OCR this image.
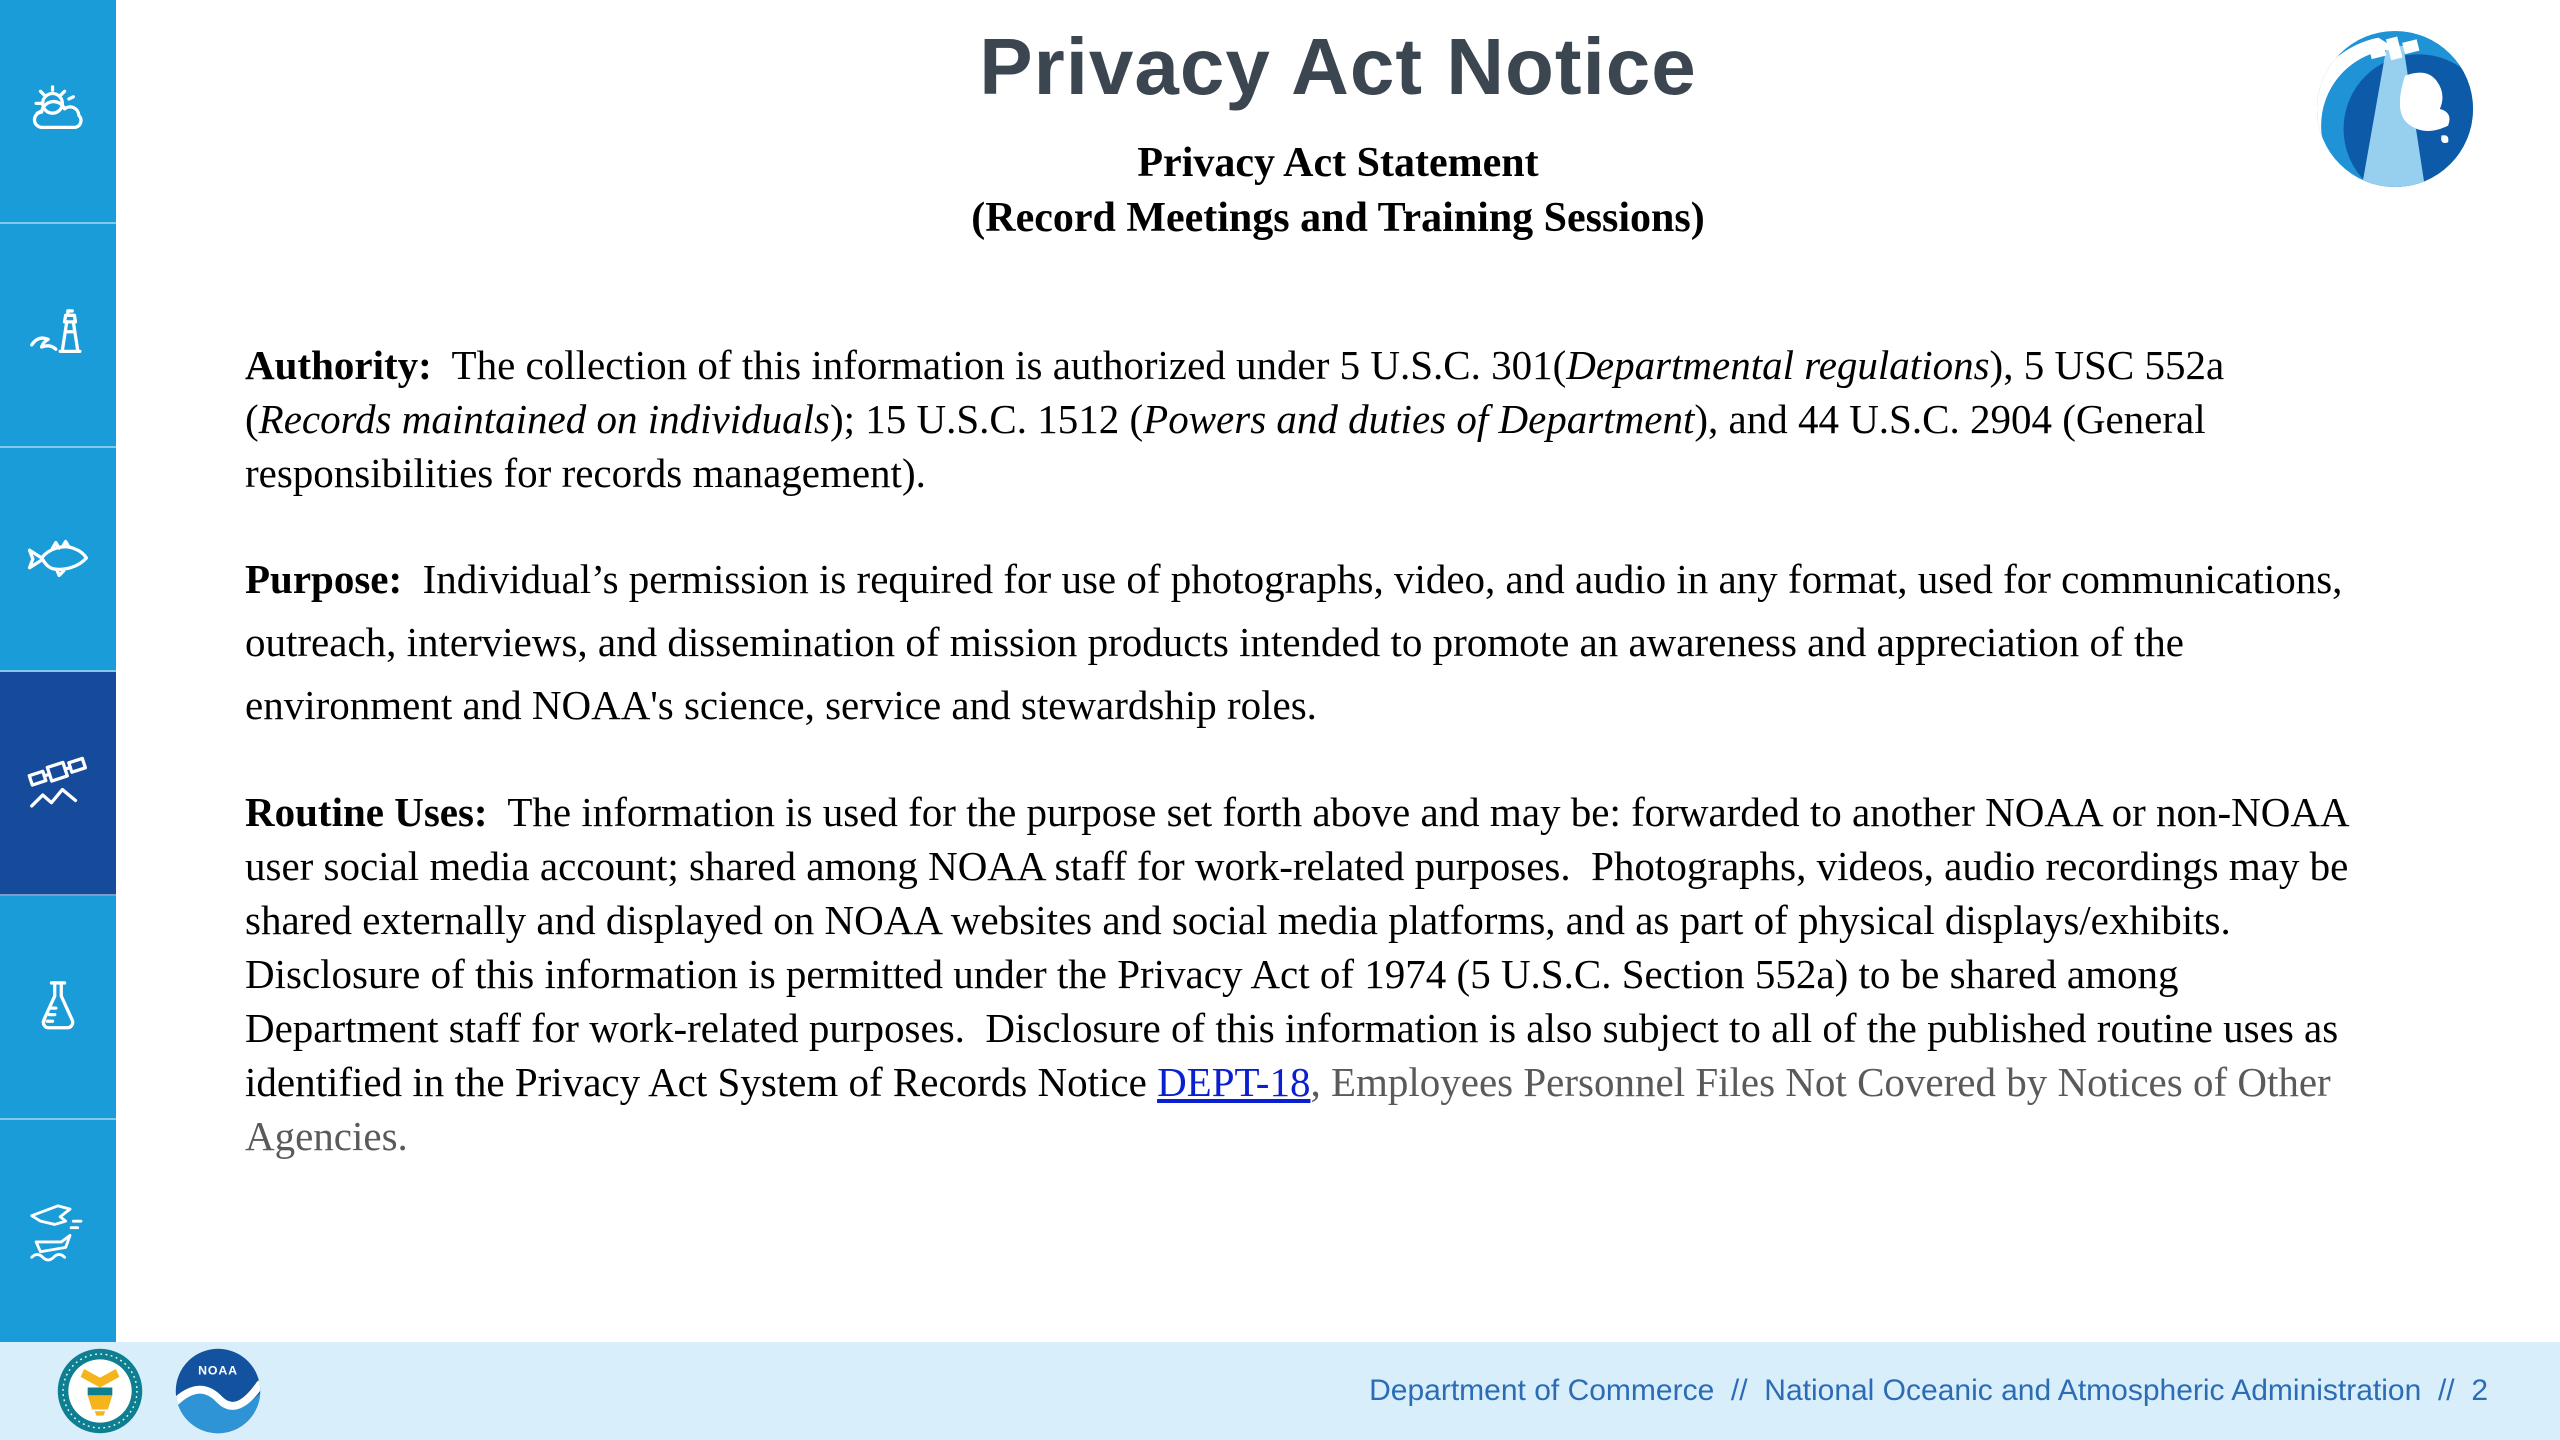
Privacy Act Notice
Privacy Act Statement
(Record Meetings and Training Sessions)

Authority:  The collection of this information is authorized under 5 U.S.C. 301(Departmental regulations), 5 USC 552a (Records maintained on individuals); 15 U.S.C. 1512 (Powers and duties of Department), and 44 U.S.C. 2904 (General responsibilities for records management).

Purpose:  Individual’s permission is required for use of photographs, video, and audio in any format, used for communications, outreach, interviews, and dissemination of mission products intended to promote an awareness and appreciation of the environment and NOAA's science, service and stewardship roles.

Routine Uses:  The information is used for the purpose set forth above and may be: forwarded to another NOAA or non-NOAA user social media account; shared among NOAA staff for work-related purposes.  Photographs, videos, audio recordings may be shared externally and displayed on NOAA websites and social media platforms, and as part of physical displays/exhibits.  Disclosure of this information is permitted under the Privacy Act of 1974 (5 U.S.C. Section 552a) to be shared among Department staff for work-related purposes.  Disclosure of this information is also subject to all of the published routine uses as identified in the Privacy Act System of Records Notice DEPT-18, Employees Personnel Files Not Covered by Notices of Other Agencies.

NOAA
Department of Commerce  //  National Oceanic and Atmospheric Administration  //  2
